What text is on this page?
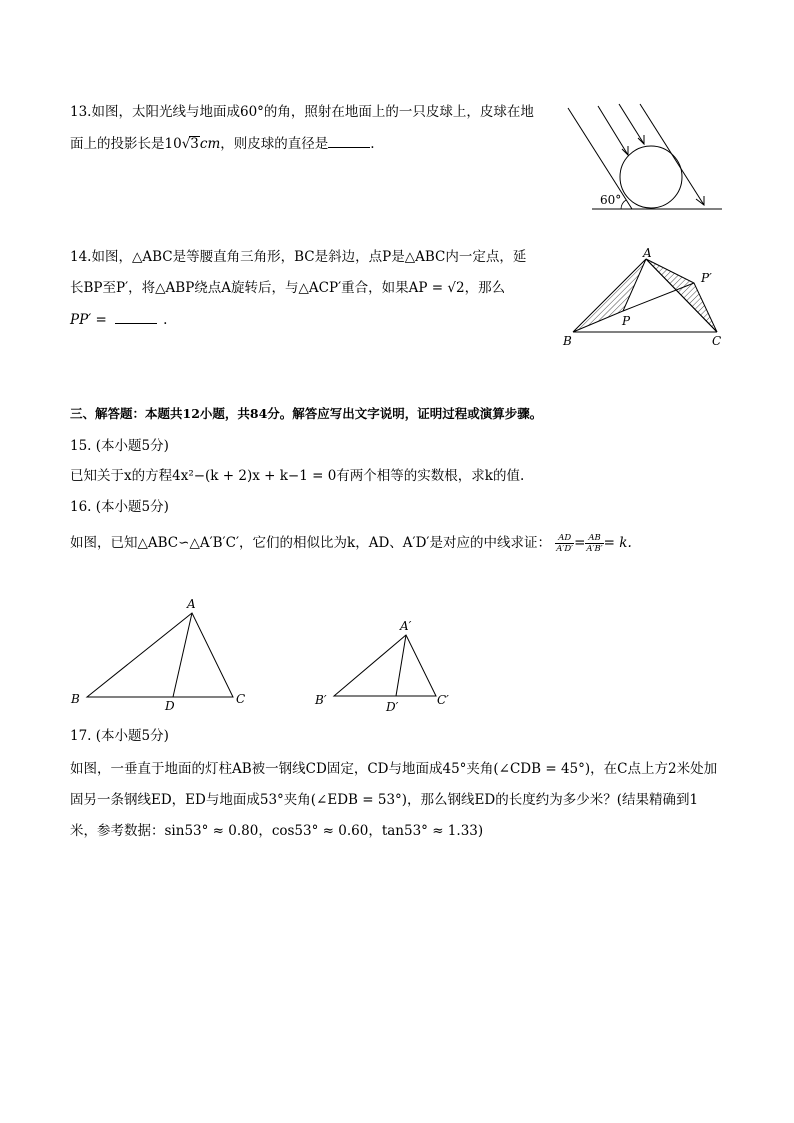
13.如图，太阳光线与地面成60°的角，照射在地面上的一只皮球上，皮球在地
面上的投影长是10√3cm，则皮球的直径是	.
60°
14.如图，△ABC是等腰直角三角形，BC是斜边，点P是△ABC内一定点，延
长BP至P′，将△ABP绕点A旋转后，与△ACP′重合，如果AP = √2，那么
PP′ =	.
A
P′
P
B	C
三、解答题：本题共12小题，共84分。解答应写出文字说明，证明过程或演算步骤。
15. (本小题5分)
已知关于x的方程4x²−(k + 2)x + k−1 = 0有两个相等的实数根，求k的值.
16. (本小题5分)
如图，已知△ABC∽△A′B′C′，它们的相似比为k，AD、A′D′是对应的中线求证： $\frac{AD}{A'D'} = \frac{AB}{A'B'} = k$.
A
B	C
D
A′
B′	C′
D′
17. (本小题5分)
如图，一垂直于地面的灯柱AB被一钢线CD固定，CD与地面成45°夹角(∠CDB = 45°)，在C点上方2米处加
固另一条钢线ED，ED与地面成53°夹角(∠EDB = 53°)，那么钢线ED的长度约为多少米？(结果精确到1
米，参考数据：sin53° ≈ 0.80，cos53° ≈ 0.60，tan53° ≈ 1.33)
